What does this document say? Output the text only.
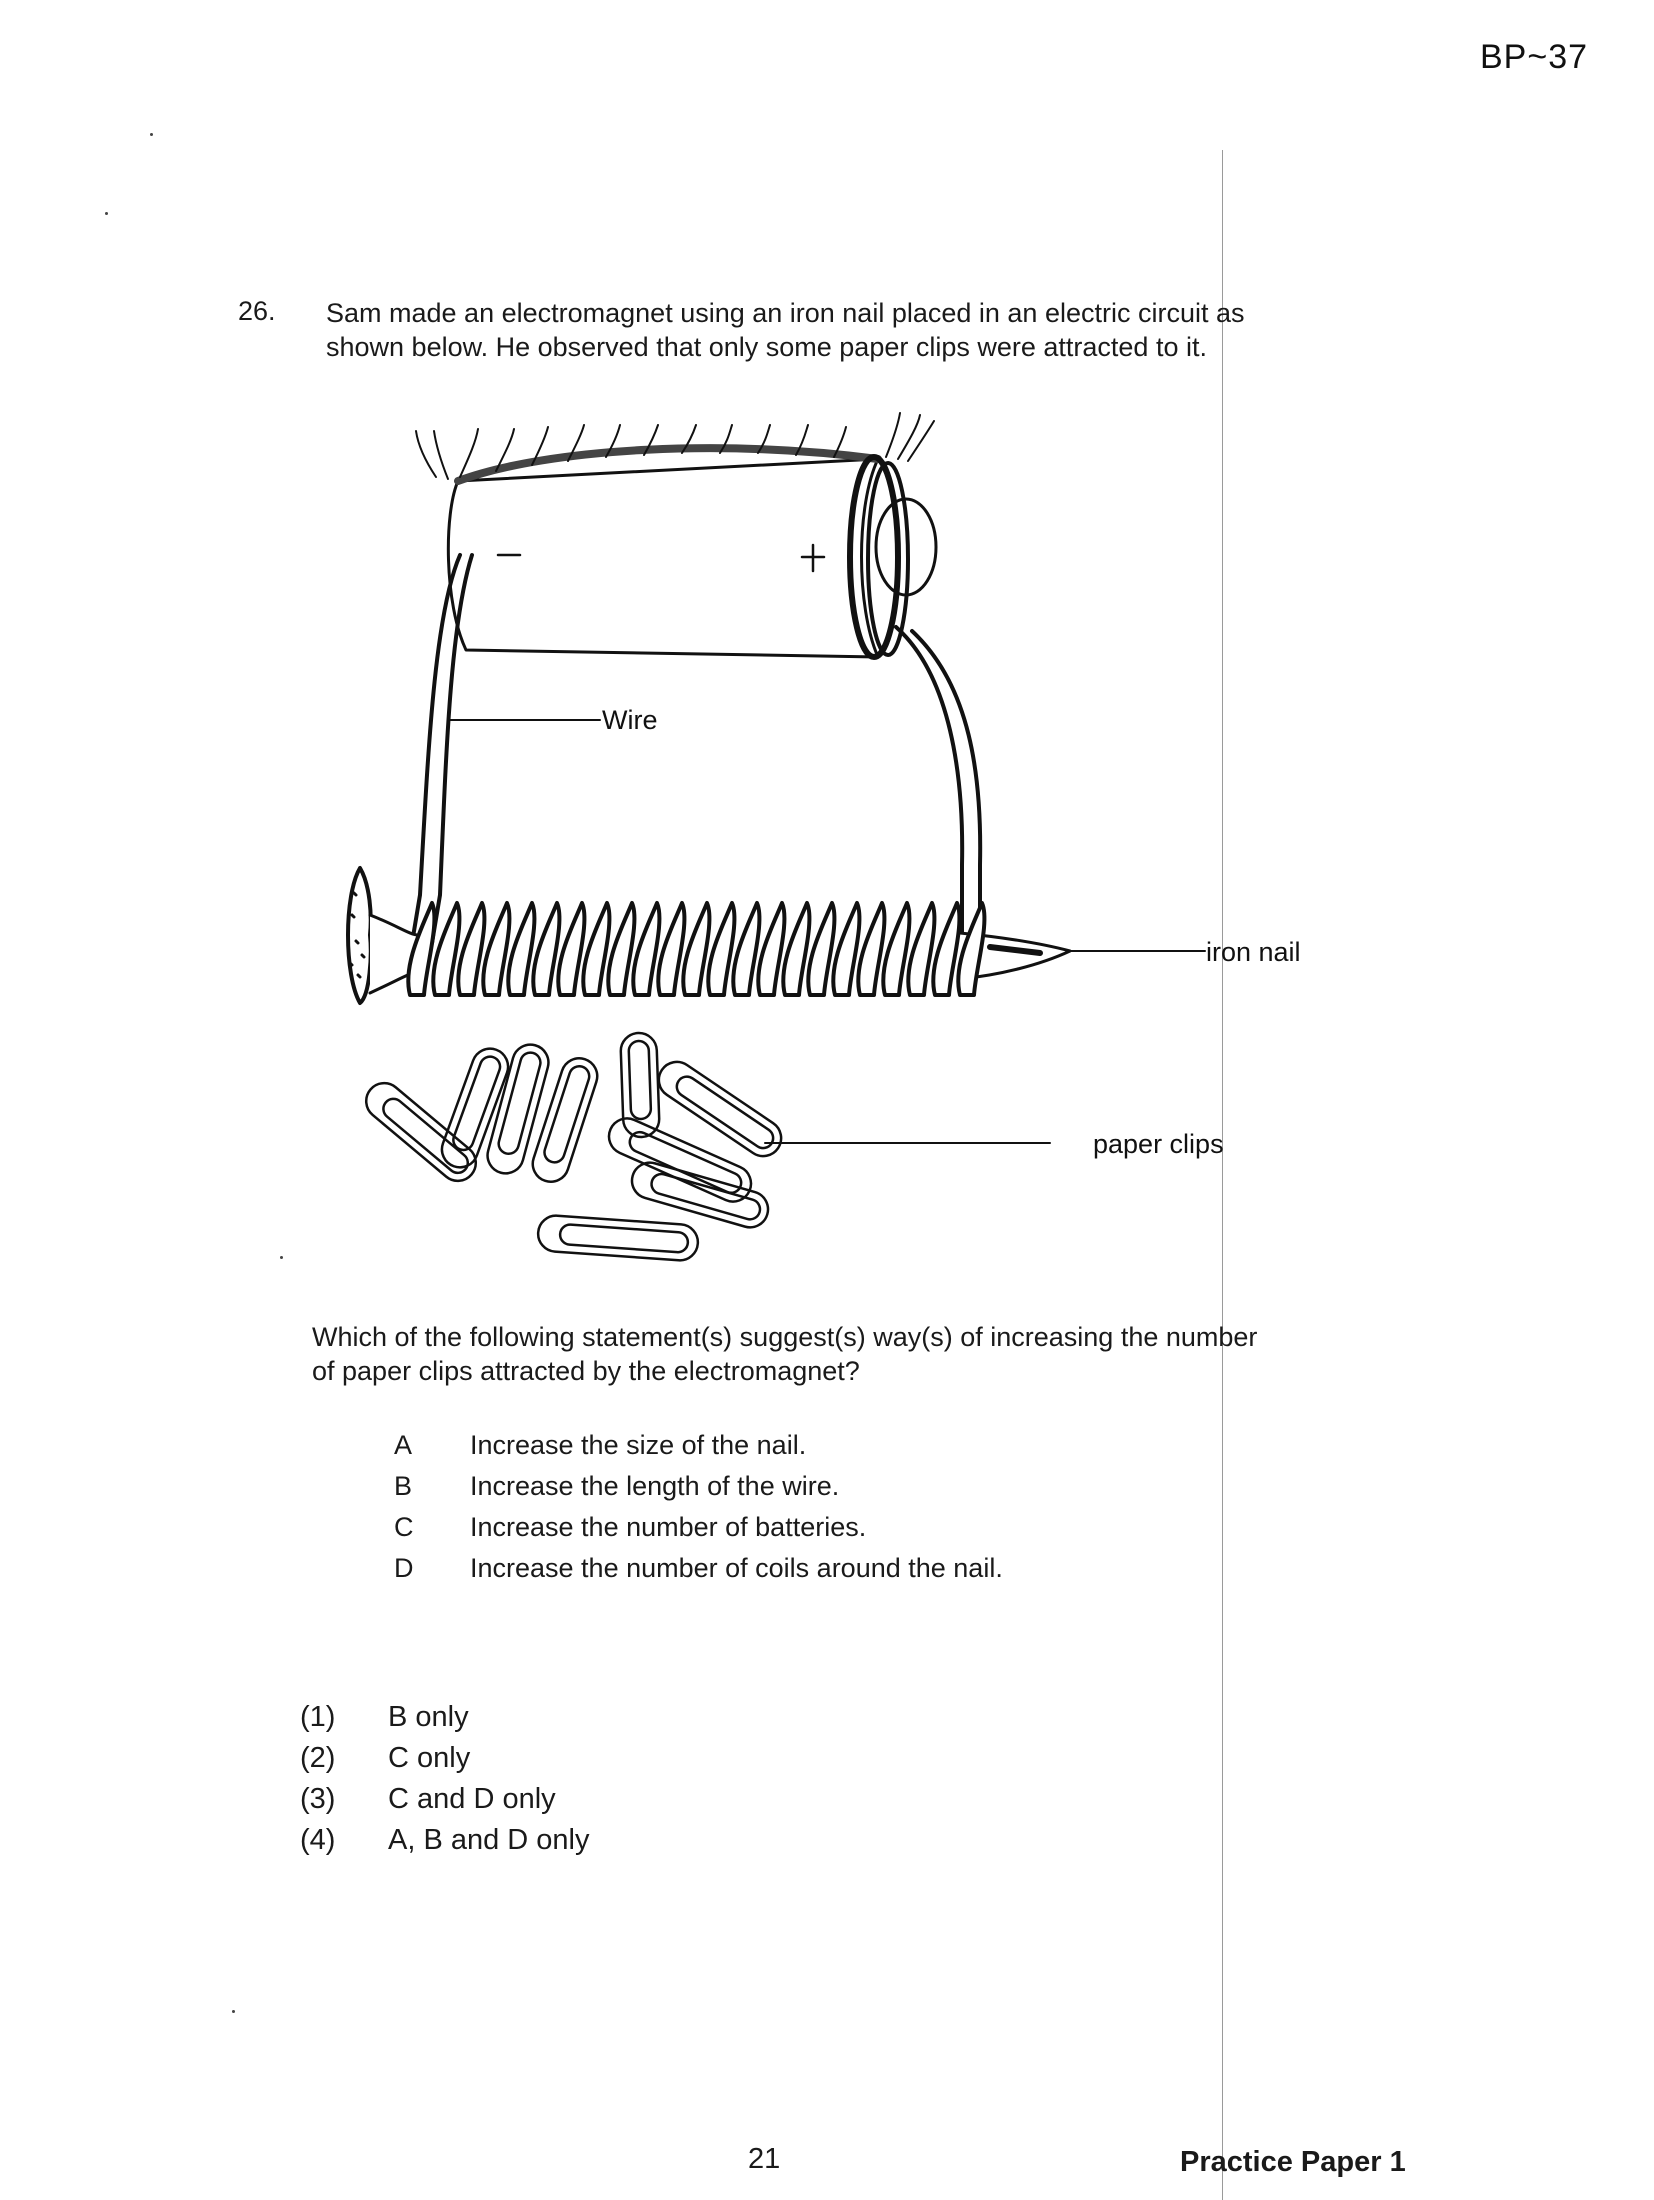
BP~37
26. Sam made an electromagnet using an iron nail placed in an electric circuit as
shown below. He observed that only some paper clips were attracted to it.
Wire
iron nail
paper clips
Which of the following statement(s) suggest(s) way(s) of increasing the number
of paper clips attracted by the electromagnet?
A	Increase the size of the nail.
B	Increase the length of the wire.
C	Increase the number of batteries.
D	Increase the number of coils around the nail.
(1)	B only
(2)	C only
(3)	C and D only
(4)	A, B and D only
21	Practice Paper 1
